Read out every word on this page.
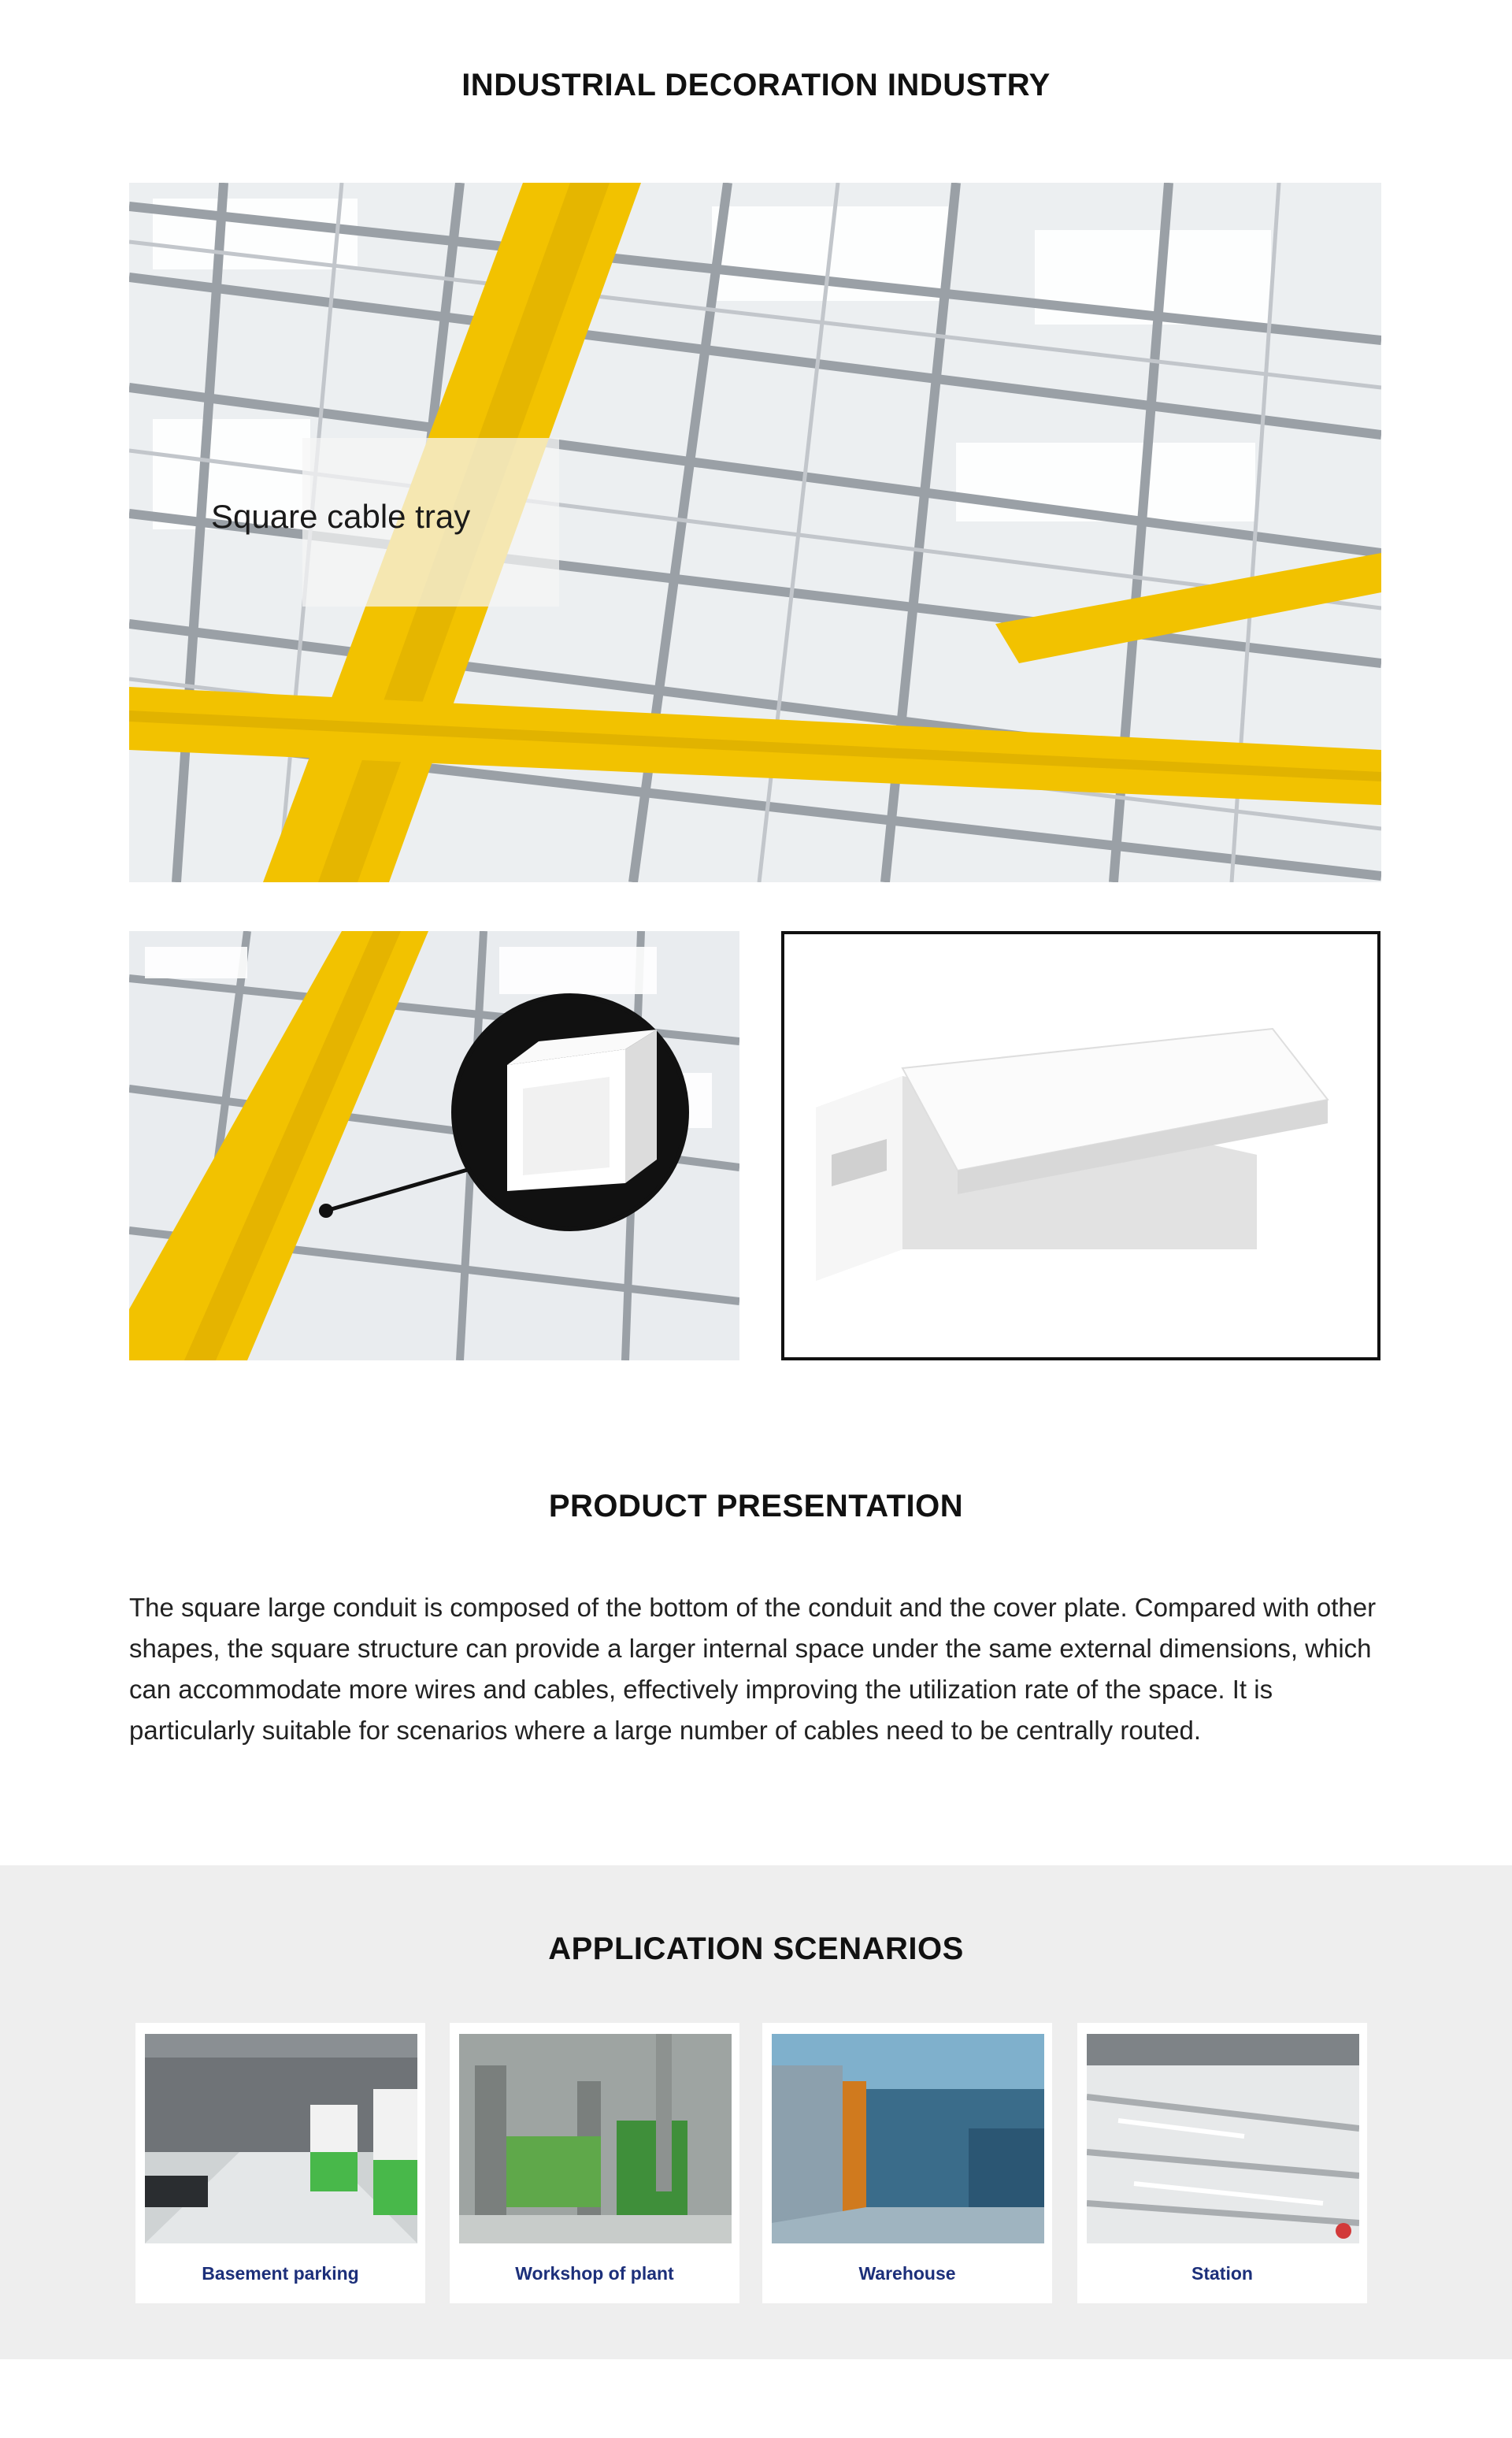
INDUSTRIAL DECORATION INDUSTRY
Square cable tray
PRODUCT PRESENTATION
The square large conduit is composed of the bottom of the conduit and the cover plate. Compared with other shapes, the square structure can provide a larger internal space under the same external dimensions, which can accommodate more wires and cables, effectively improving the utilization rate of the space. It is particularly suitable for scenarios where a large number of cables need to be centrally routed.
APPLICATION SCENARIOS
Basement parking	Workshop of plant	Warehouse	Station
